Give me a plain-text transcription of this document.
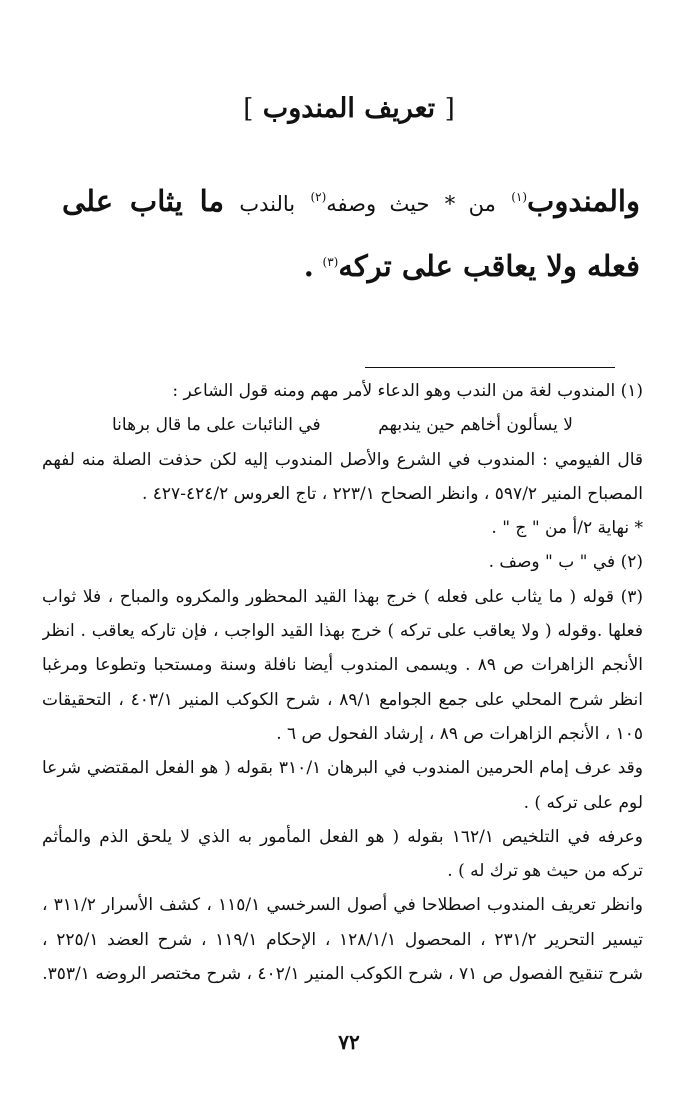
[ تعريف المندوب ]
والمندوب$^{(١)}$ من * حيث وصفه$^{(٢)}$ بالندب ما يثاب على فعله ولا يعاقب على تركه$^{(٣)}$ .
(١) المندوب لغة من الندب وهو الدعاء لأمر مهم ومنه قول الشاعر :
لا يسألون أخاهم حين يندبهم
في النائبات على ما قال برهانا
قال الفيومي : المندوب في الشرع والأصل المندوب إليه لكن حذفت الصلة منه لفهم
المصباح المنير ٥٩٧/٢ ، وانظر الصحاح ٢٢٣/١ ، تاج العروس ٤٢٤/٢-٤٢٧ .
* نهاية ٢/أ من " ج " .
(٢) في " ب " وصف .
(٣) قوله ( ما يثاب على فعله ) خرج بهذا القيد المحظور والمكروه والمباح ، فلا ثواب
فعلها .وقوله ( ولا يعاقب على تركه ) خرج بهذا القيد الواجب ، فإن تاركه يعاقب . انظر
الأنجم الزاهرات ص ٨٩ . ويسمى المندوب أيضا نافلة وسنة ومستحبا وتطوعا ومرغبا
انظر شرح المحلي على جمع الجوامع ٨٩/١ ، شرح الكوكب المنير ٤٠٣/١ ، التحقيقات
١٠٥ ، الأنجم الزاهرات ص ٨٩ ، إرشاد الفحول ص ٦ .
وقد عرف إمام الحرمين المندوب في البرهان ٣١٠/١ بقوله ( هو الفعل المقتضي شرعا
لوم على تركه ) .
وعرفه في التلخيص ١٦٢/١ بقوله ( هو الفعل المأمور به الذي لا يلحق الذم والمأثم
تركه من حيث هو ترك له ) .
وانظر تعريف المندوب اصطلاحا في أصول السرخسي ١١٥/١ ، كشف الأسرار ٣١١/٢ ،
تيسير التحرير ٢٣١/٢ ، المحصول ١٢٨/١/١ ، الإحكام ١١٩/١ ، شرح العضد ٢٢٥/١ ،
شرح تنقيح الفصول ص ٧١ ، شرح الكوكب المنير ٤٠٢/١ ، شرح مختصر الروضه ٣٥٣/١.
٧٢
